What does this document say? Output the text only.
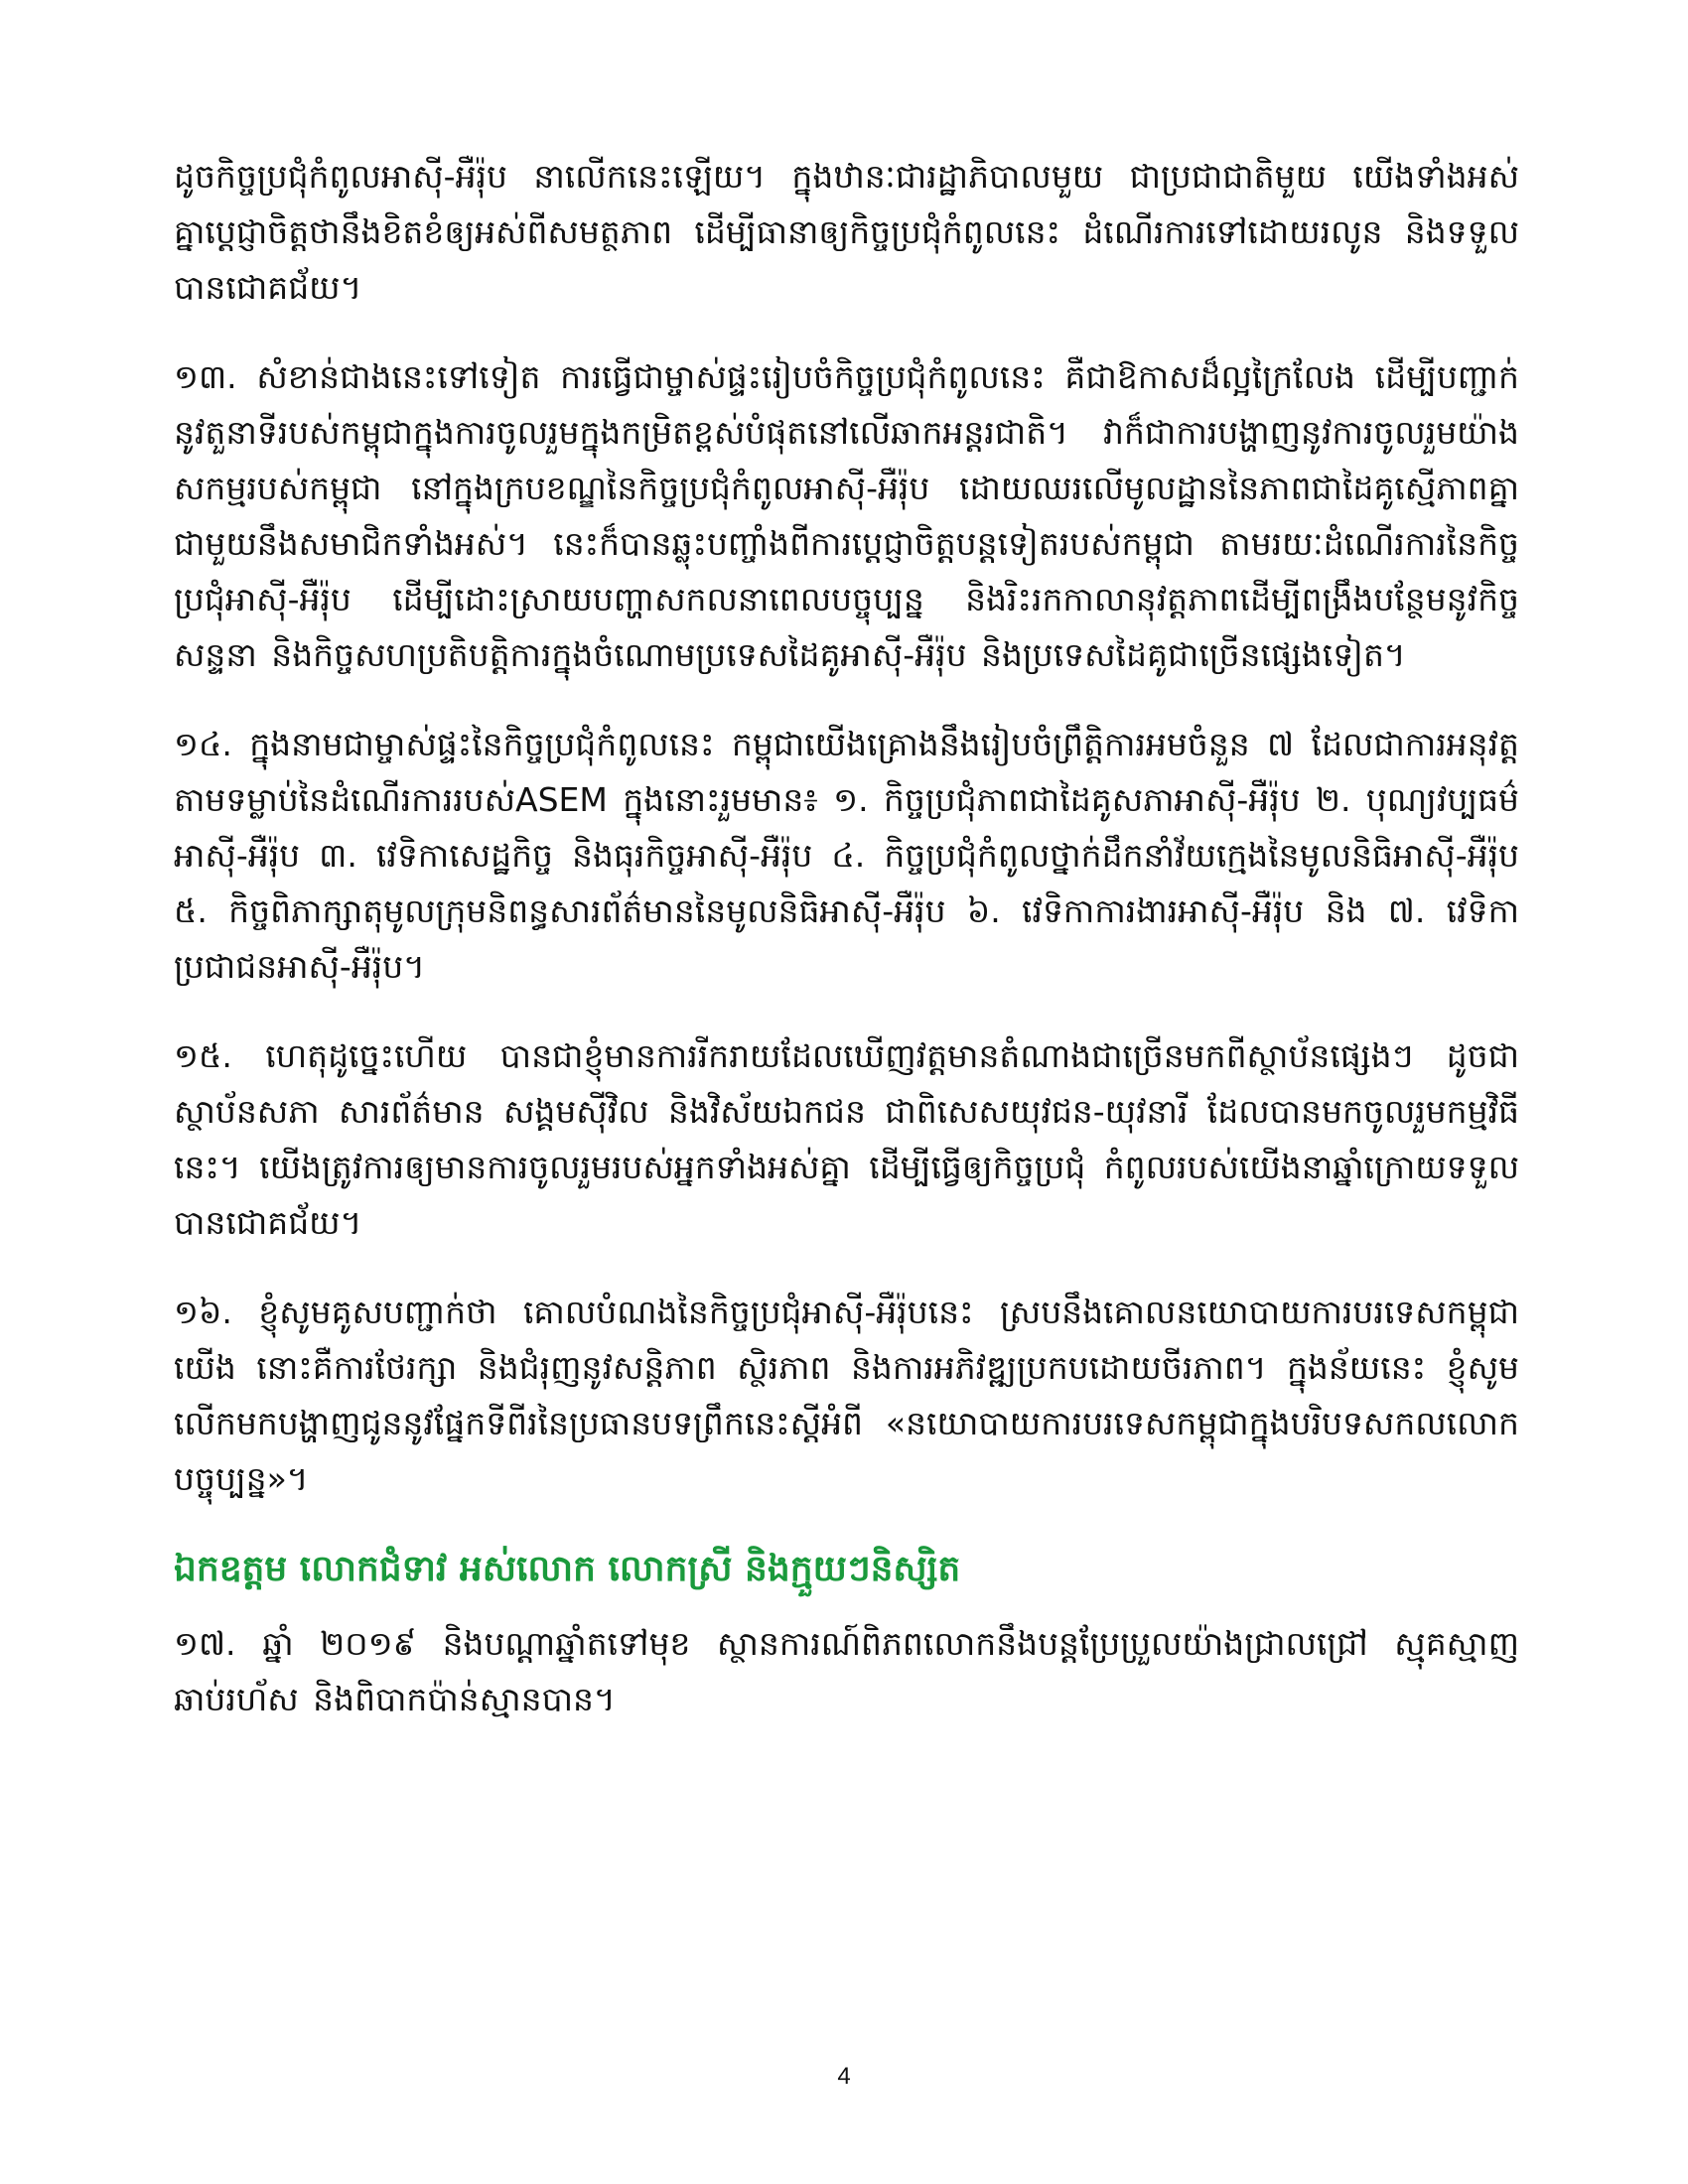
ដូចកិច្ចប្រជុំកំពូលអាស៊ី-អឺរ៉ុប នាលើកនេះឡើយ។ ក្នុងឋានៈជារដ្ឋាភិបាលមួយ ជាប្រជាជាតិមួយ យើងទាំងអស់គ្នាប្តេជ្ញាចិត្តថានឹងខិតខំឲ្យអស់ពីសមត្ថភាព ដើម្បីធានាឲ្យកិច្ចប្រជុំកំពូលនេះ ដំណើរការទៅដោយរលូន និងទទួលបានជោគជ័យ។

១៣. សំខាន់ជាងនេះទៅទៀត ការធ្វើជាម្ចាស់ផ្ទះរៀបចំកិច្ចប្រជុំកំពូលនេះ គឺជាឱកាសដ៏ល្អក្រៃលែង ដើម្បីបញ្ជាក់នូវតួនាទីរបស់កម្ពុជាក្នុងការចូលរួមក្នុងកម្រិតខ្ពស់បំផុតនៅលើឆាកអន្តរជាតិ។ វាក៏ជាការបង្ហាញនូវការចូលរួមយ៉ាងសកម្មរបស់កម្ពុជា នៅក្នុងក្របខណ្ឌនៃកិច្ចប្រជុំកំពូលអាស៊ី-អឺរ៉ុប ដោយឈរលើមូលដ្ឋាននៃភាពជាដៃគូស្មើភាពគ្នា ជាមួយនឹងសមាជិកទាំងអស់។ នេះក៏បានឆ្លុះបញ្ចាំងពីការប្តេជ្ញាចិត្តបន្តទៀតរបស់កម្ពុជា តាមរយៈដំណើរការនៃកិច្ចប្រជុំអាស៊ី-អឺរ៉ុប ដើម្បីដោះស្រាយបញ្ហាសកលនាពេលបច្ចុប្បន្ន និងរិះរកកាលានុវត្តភាពដើម្បីពង្រឹងបន្ថែមនូវកិច្ចសន្ទនា និងកិច្ចសហប្រតិបត្តិការក្នុងចំណោមប្រទេសដៃគូអាស៊ី-អឺរ៉ុប និងប្រទេសដៃគូជាច្រើនផ្សេងទៀត។

១៤. ក្នុងនាមជាម្ចាស់ផ្ទះនៃកិច្ចប្រជុំកំពូលនេះ កម្ពុជាយើងគ្រោងនឹងរៀបចំព្រឹត្តិការអមចំនួន ៧ ដែលជាការអនុវត្តតាមទម្លាប់នៃដំណើរការរបស់ASEM ក្នុងនោះរួមមាន៖ ១. កិច្ចប្រជុំភាពជាដៃគូសភាអាស៊ី-អឺរ៉ុប ២. បុណ្យវប្បធម៌អាស៊ី-អឺរ៉ុប ៣. វេទិកាសេដ្ឋកិច្ច និងធុរកិច្ចអាស៊ី-អឺរ៉ុប ៤. កិច្ចប្រជុំកំពូលថ្នាក់ដឹកនាំវ័យក្មេងនៃមូលនិធិអាស៊ី-អឺរ៉ុប ៥. កិច្ចពិភាក្សាតុមូលក្រុមនិពន្ធសារព័ត៌មាននៃមូលនិធិអាស៊ី-អឺរ៉ុប ៦. វេទិកាការងារអាស៊ី-អឺរ៉ុប និង ៧. វេទិកាប្រជាជនអាស៊ី-អឺរ៉ុប។

១៥. ហេតុដូច្នេះហើយ បានជាខ្ញុំមានការរីករាយដែលឃើញវត្តមានតំណាងជាច្រើនមកពីស្ថាប័នផ្សេងៗ ដូចជាស្ថាប័នសភា សារព័ត៌មាន សង្គមស៊ីវិល និងវិស័យឯកជន ជាពិសេសយុវជន-យុវនារី ដែលបានមកចូលរួមកម្មវិធីនេះ។ យើងត្រូវការឲ្យមានការចូលរួមរបស់អ្នកទាំងអស់គ្នា ដើម្បីធ្វើឲ្យកិច្ចប្រជុំ កំពូលរបស់យើងនាឆ្នាំក្រោយទទួលបានជោគជ័យ។

១៦. ខ្ញុំសូមគូសបញ្ជាក់ថា គោលបំណងនៃកិច្ចប្រជុំអាស៊ី-អឺរ៉ុបនេះ ស្របនឹងគោលនយោបាយការបរទេសកម្ពុជាយើង នោះគឺការថែរក្សា និងជំរុញនូវសន្តិភាព ស្ថិរភាព និងការអភិវឌ្ឍប្រកបដោយចីរភាព។ ក្នុងន័យនេះ ខ្ញុំសូមលើកមកបង្ហាញជូននូវផ្នែកទីពីរនៃប្រធានបទព្រឹកនេះស្តីអំពី «នយោបាយការបរទេសកម្ពុជាក្នុងបរិបទសកលលោកបច្ចុប្បន្ន»។

ឯកឧត្តម លោកជំទាវ អស់លោក លោកស្រី និងក្មួយៗនិស្សិត

១៧. ឆ្នាំ ២០១៩ និងបណ្តាឆ្នាំតទៅមុខ ស្ថានការណ៍ពិភពលោកនឹងបន្តប្រែប្រួលយ៉ាងជ្រាលជ្រៅ ស្មុគស្មាញ ឆាប់រហ័ស និងពិបាកប៉ាន់ស្មានបាន។

4
